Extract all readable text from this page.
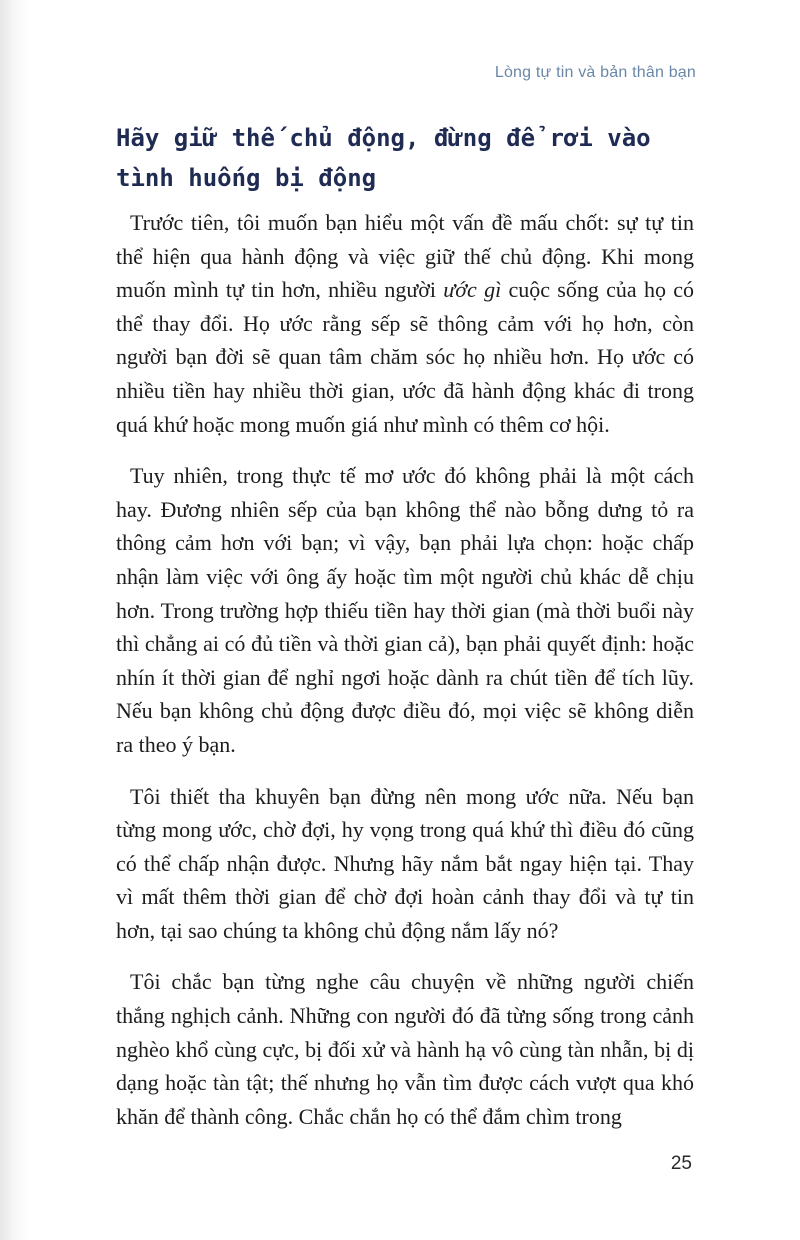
Lòng tự tin và bản thân bạn
Hãy giữ thế chủ động, đừng để rơi vào tình huống bị động

Trước tiên, tôi muốn bạn hiểu một vấn đề mấu chốt: sự tự tin thể hiện qua hành động và việc giữ thế chủ động. Khi mong muốn mình tự tin hơn, nhiều người ước gì cuộc sống của họ có thể thay đổi. Họ ước rằng sếp sẽ thông cảm với họ hơn, còn người bạn đời sẽ quan tâm chăm sóc họ nhiều hơn. Họ ước có nhiều tiền hay nhiều thời gian, ước đã hành động khác đi trong quá khứ hoặc mong muốn giá như mình có thêm cơ hội.

Tuy nhiên, trong thực tế mơ ước đó không phải là một cách hay. Đương nhiên sếp của bạn không thể nào bỗng dưng tỏ ra thông cảm hơn với bạn; vì vậy, bạn phải lựa chọn: hoặc chấp nhận làm việc với ông ấy hoặc tìm một người chủ khác dễ chịu hơn. Trong trường hợp thiếu tiền hay thời gian (mà thời buổi này thì chẳng ai có đủ tiền và thời gian cả), bạn phải quyết định: hoặc nhín ít thời gian để nghỉ ngơi hoặc dành ra chút tiền để tích lũy. Nếu bạn không chủ động được điều đó, mọi việc sẽ không diễn ra theo ý bạn.

Tôi thiết tha khuyên bạn đừng nên mong ước nữa. Nếu bạn từng mong ước, chờ đợi, hy vọng trong quá khứ thì điều đó cũng có thể chấp nhận được. Nhưng hãy nắm bắt ngay hiện tại. Thay vì mất thêm thời gian để chờ đợi hoàn cảnh thay đổi và tự tin hơn, tại sao chúng ta không chủ động nắm lấy nó?

Tôi chắc bạn từng nghe câu chuyện về những người chiến thắng nghịch cảnh. Những con người đó đã từng sống trong cảnh nghèo khổ cùng cực, bị đối xử và hành hạ vô cùng tàn nhẫn, bị dị dạng hoặc tàn tật; thế nhưng họ vẫn tìm được cách vượt qua khó khăn để thành công. Chắc chắn họ có thể đắm chìm trong

25
